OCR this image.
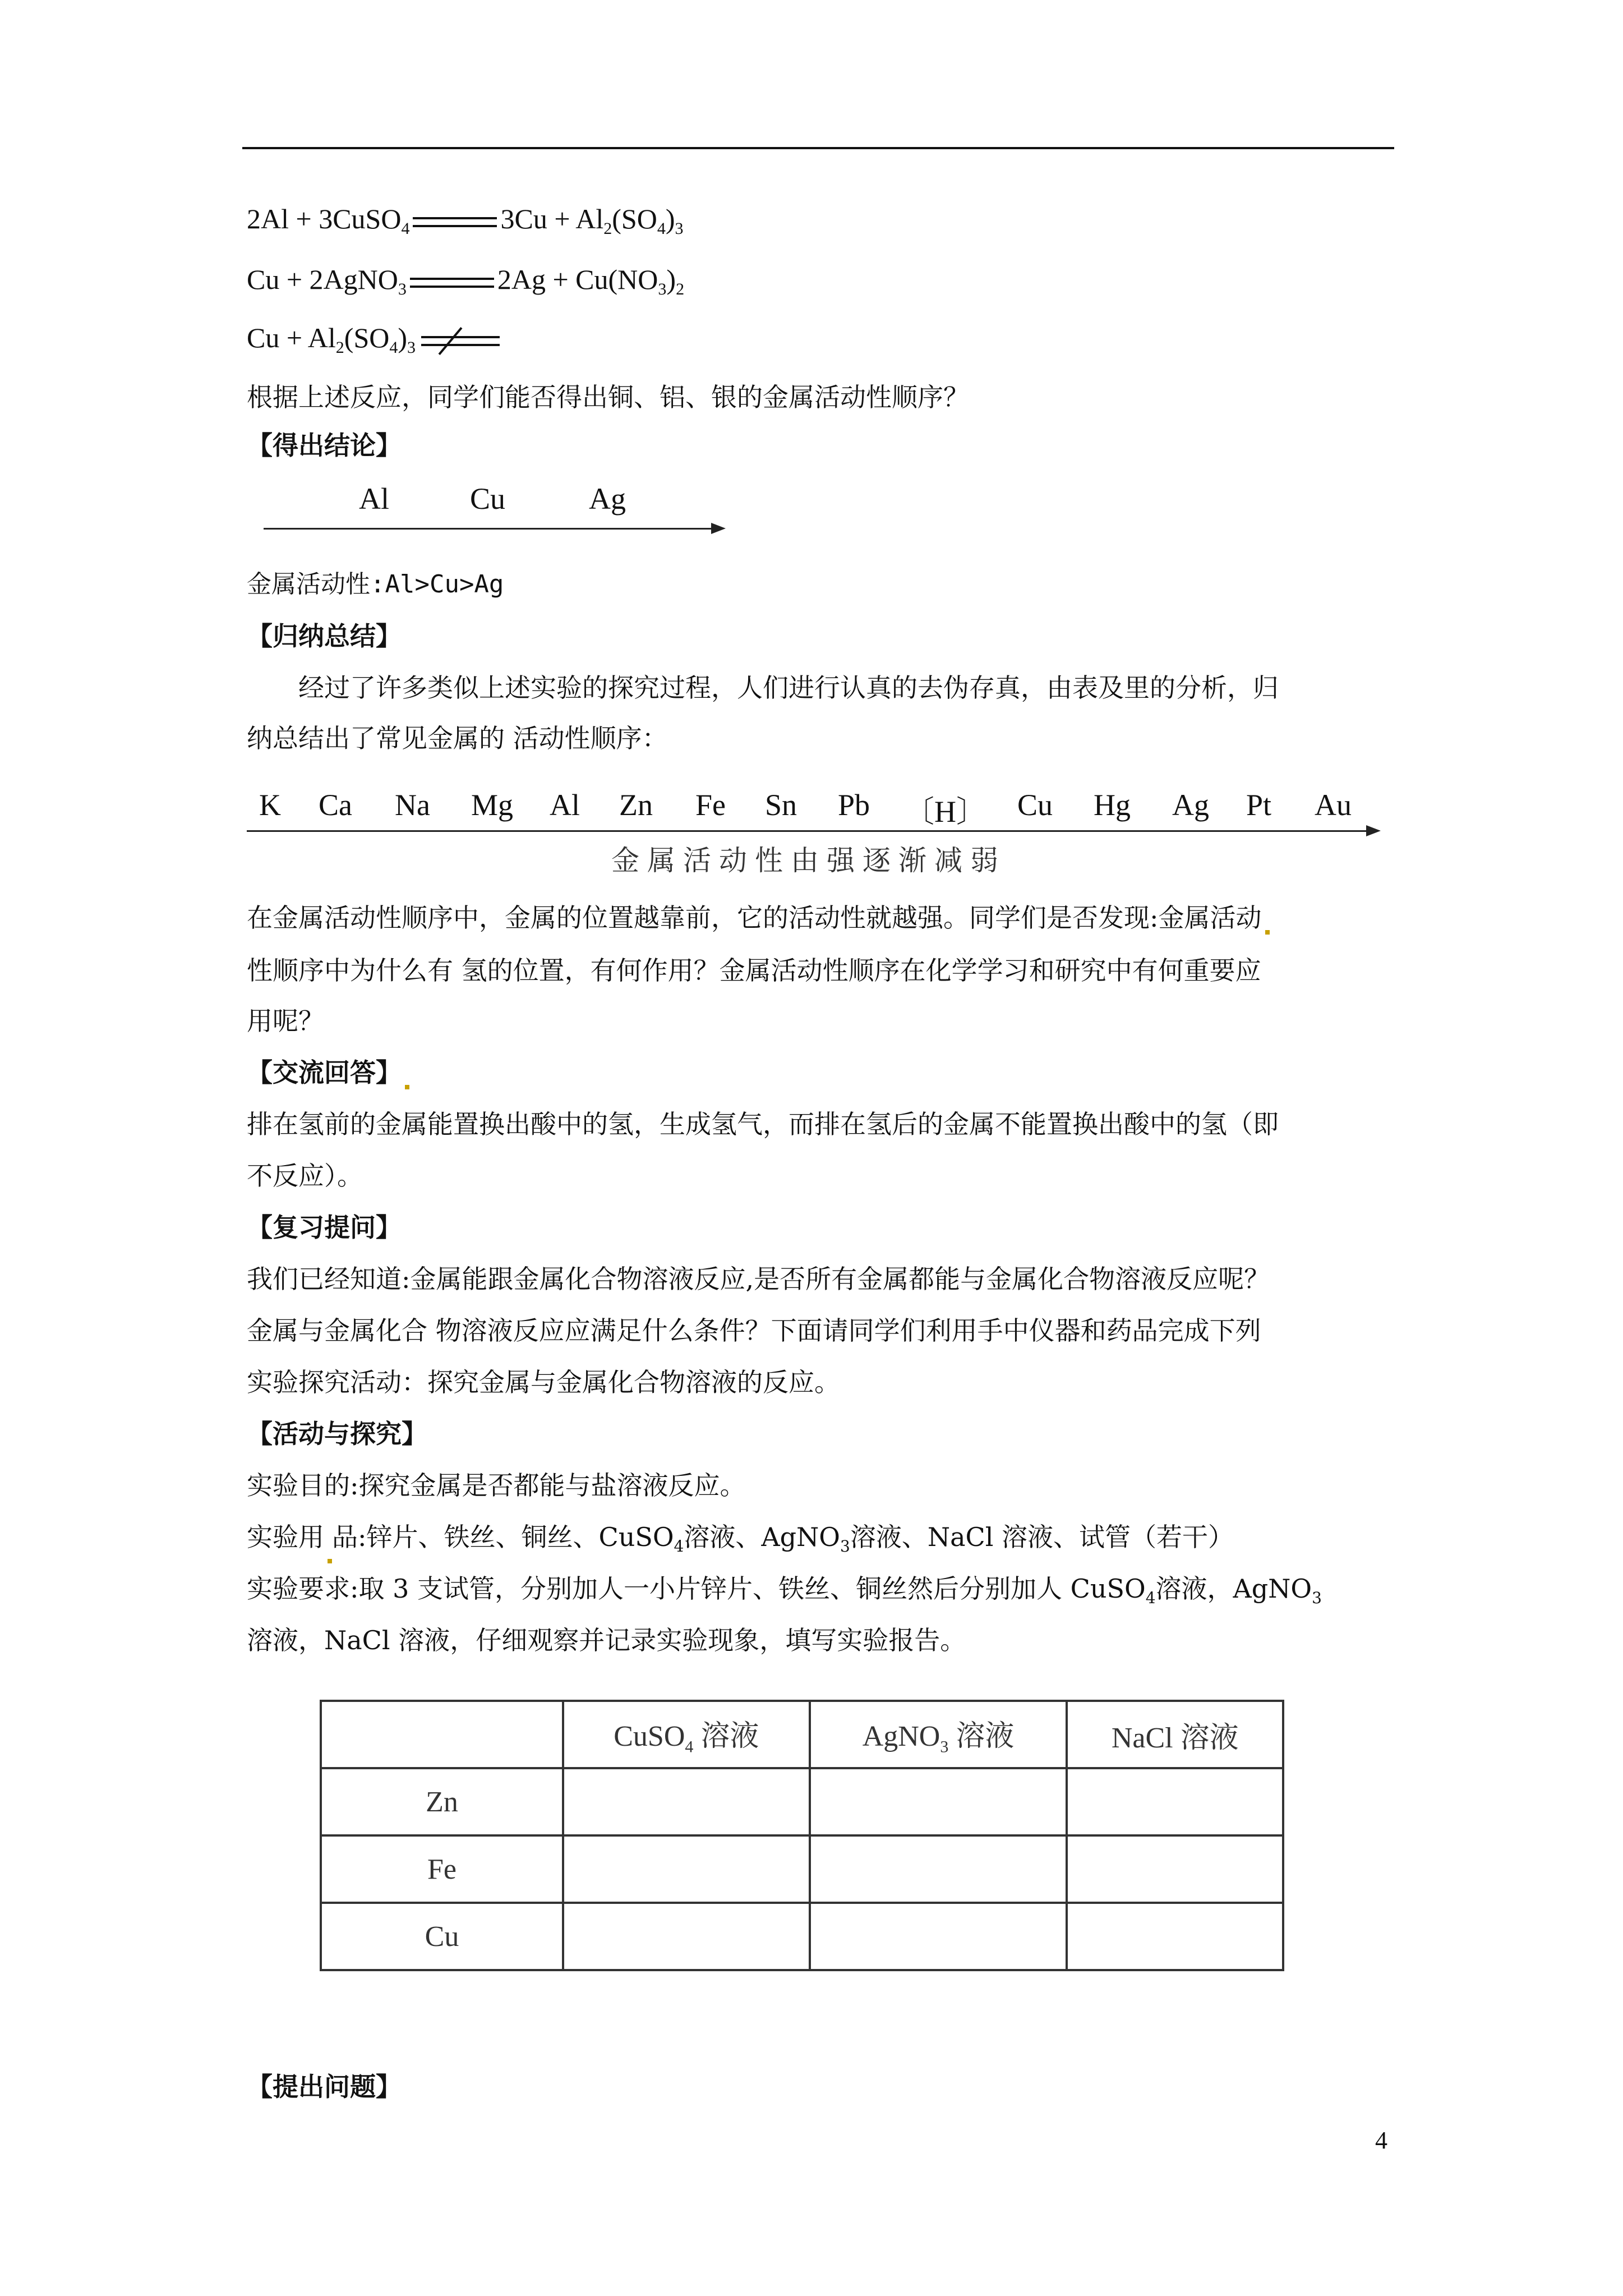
2Al + 3CuSO$_4$	$3Cu + Al_2(SO_4)_3$
Cu + 2AgNO$_3$	$2Ag + Cu(NO_3)_2$
$Cu + Al_2(SO_4)_3$
根据上述反应，同学们能否得出铜、铝、银的金属活动性顺序？
【得出结论】
Al	Cu	Ag
金属活动性:Al>Cu>Ag
【归纳总结】
经过了许多类似上述实验的探究过程，人们进行认真的去伪存真，由表及里的分析，归
纳总结出了常见金属的 活动性顺序：
K Ca Na Mg Al Zn Fe Sn Pb 〔H〕 Cu Hg Ag Pt Au
金属活动性由强逐渐减弱
在金属活动性顺序中，金属的位置越靠前，它的活动性就越强。同学们是否发现:金属活动
性顺序中为什么有 氢的位置，有何作用？金属活动性顺序在化学学习和研究中有何重要应
用呢？
【交流回答】
排在氢前的金属能置换出酸中的氢，生成氢气，而排在氢后的金属不能置换出酸中的氢（即
不反应）。
【复习提问】
我们已经知道:金属能跟金属化合物溶液反应,是否所有金属都能与金属化合物溶液反应呢？
金属与金属化合 物溶液反应应满足什么条件？下面请同学们利用手中仪器和药品完成下列
实验探究活动：探究金属与金属化合物溶液的反应。
【活动与探究】
实验目的:探究金属是否都能与盐溶液反应。
实验用 品:锌片、铁丝、铜丝、CuSO$_4$溶液、AgNO$_3$溶液、NaCl 溶液、试管（若干）
实验要求:取 3 支试管，分别加人一小片锌片、铁丝、铜丝然后分别加人 CuSO$_4$溶液，AgNO$_3$
溶液，NaCl 溶液，仔细观察并记录实验现象，填写实验报告。
	CuSO$_4$ 溶液	AgNO$_3$ 溶液	NaCl 溶液
Zn			
Fe			
Cu			
【提出问题】
4
